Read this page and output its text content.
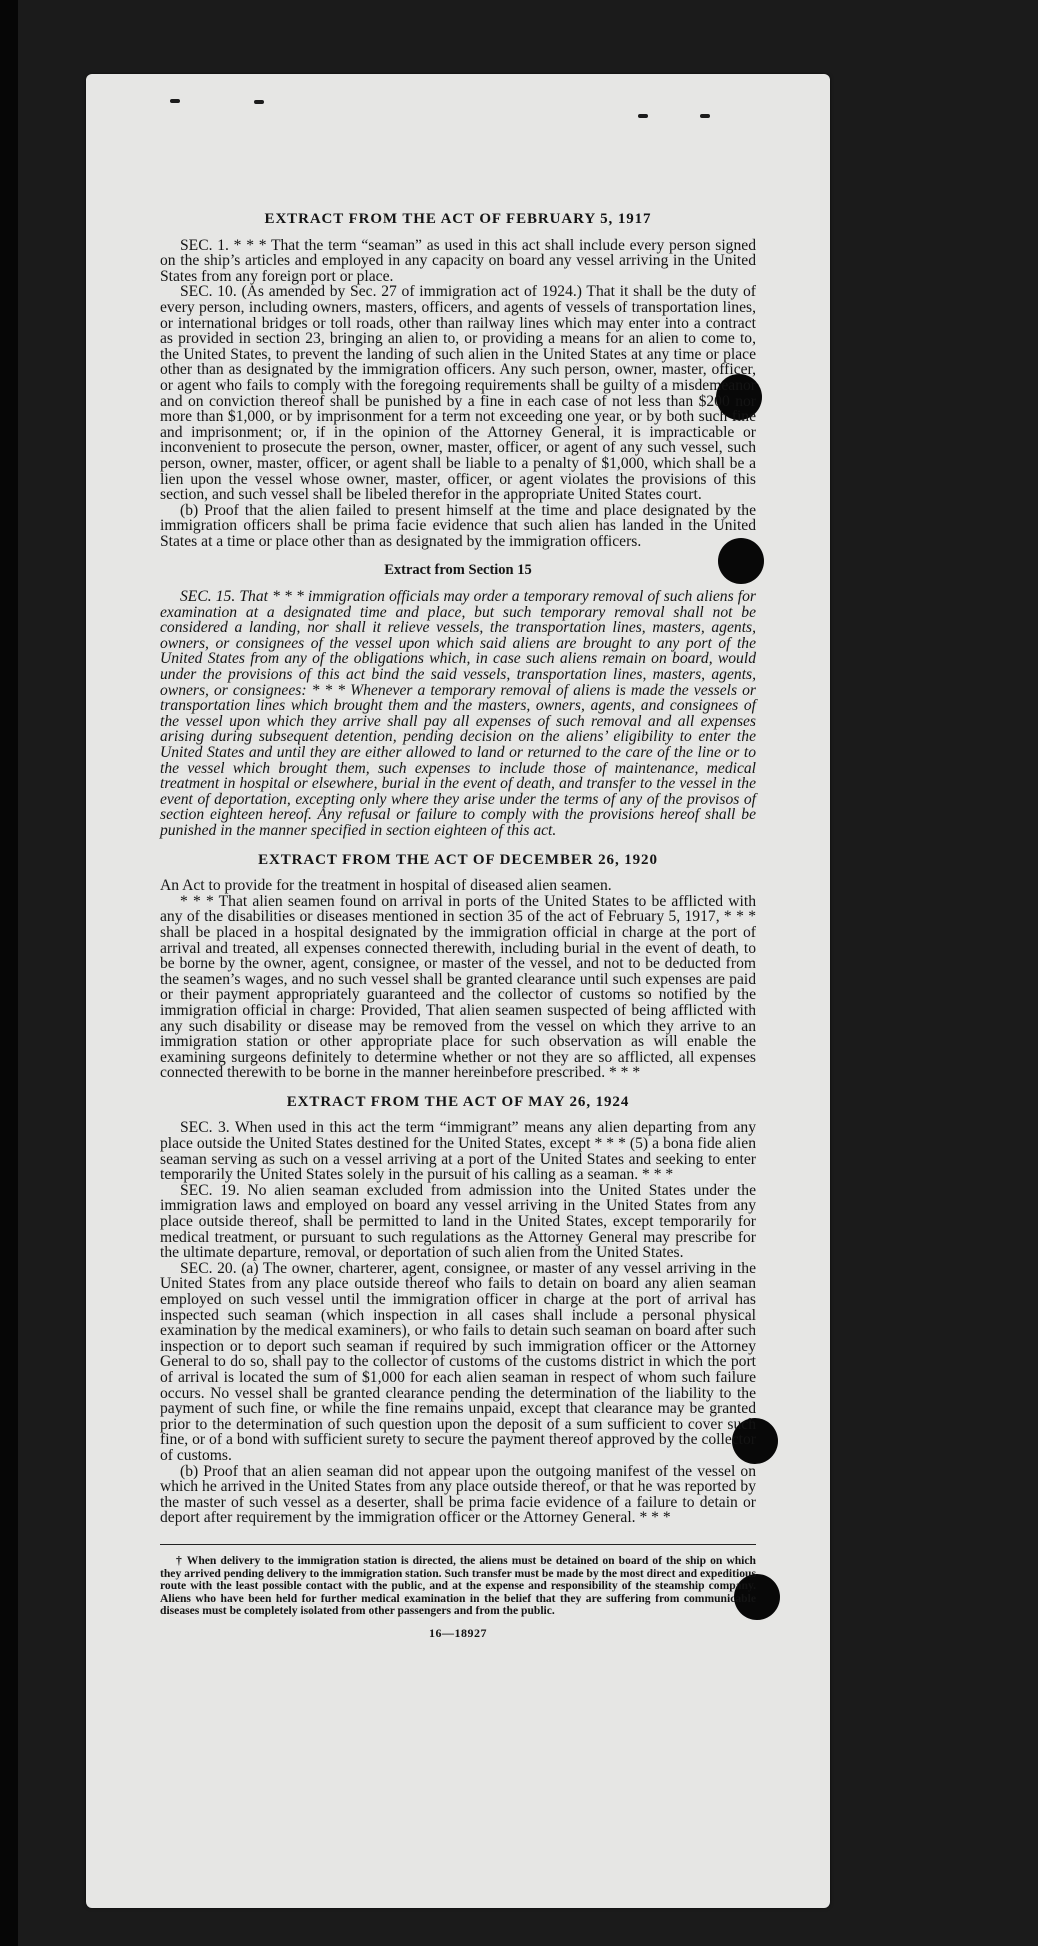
EXTRACT FROM THE ACT OF FEBRUARY 5, 1917

SEC. 1. * * * That the term “seaman” as used in this act shall include every person signed on the ship’s articles and employed in any capacity on board any vessel arriving in the United States from any foreign port or place.

SEC. 10. (As amended by Sec. 27 of immigration act of 1924.) That it shall be the duty of every person, including owners, masters, officers, and agents of vessels of transportation lines, or international bridges or toll roads, other than railway lines which may enter into a contract as provided in section 23, bringing an alien to, or providing a means for an alien to come to, the United States, to prevent the landing of such alien in the United States at any time or place other than as designated by the immigration officers. Any such person, owner, master, officer, or agent who fails to comply with the foregoing requirements shall be guilty of a misdemeanor and on conviction thereof shall be punished by a fine in each case of not less than $200 nor more than $1,000, or by imprisonment for a term not exceeding one year, or by both such fine and imprisonment; or, if in the opinion of the Attorney General, it is impracticable or inconvenient to prosecute the person, owner, master, officer, or agent of any such vessel, such person, owner, master, officer, or agent shall be liable to a penalty of $1,000, which shall be a lien upon the vessel whose owner, master, officer, or agent violates the provisions of this section, and such vessel shall be libeled therefor in the appropriate United States court.

(b) Proof that the alien failed to present himself at the time and place designated by the immigration officers shall be prima facie evidence that such alien has landed in the United States at a time or place other than as designated by the immigration officers.

Extract from Section 15

SEC. 15. That * * * immigration officials may order a temporary removal of such aliens for examination at a designated time and place, but such temporary removal shall not be considered a landing, nor shall it relieve vessels, the transportation lines, masters, agents, owners, or consignees of the vessel upon which said aliens are brought to any port of the United States from any of the obligations which, in case such aliens remain on board, would under the provisions of this act bind the said vessels, transportation lines, masters, agents, owners, or consignees: * * * Whenever a temporary removal of aliens is made the vessels or transportation lines which brought them and the masters, owners, agents, and consignees of the vessel upon which they arrive shall pay all expenses of such removal and all expenses arising during subsequent detention, pending decision on the aliens’ eligibility to enter the United States and until they are either allowed to land or returned to the care of the line or to the vessel which brought them, such expenses to include those of maintenance, medical treatment in hospital or elsewhere, burial in the event of death, and transfer to the vessel in the event of deportation, excepting only where they arise under the terms of any of the provisos of section eighteen hereof. Any refusal or failure to comply with the provisions hereof shall be punished in the manner specified in section eighteen of this act.

EXTRACT FROM THE ACT OF DECEMBER 26, 1920

An Act to provide for the treatment in hospital of diseased alien seamen.

* * * That alien seamen found on arrival in ports of the United States to be afflicted with any of the disabilities or diseases mentioned in section 35 of the act of February 5, 1917, * * * shall be placed in a hospital designated by the immigration official in charge at the port of arrival and treated, all expenses connected therewith, including burial in the event of death, to be borne by the owner, agent, consignee, or master of the vessel, and not to be deducted from the seamen’s wages, and no such vessel shall be granted clearance until such expenses are paid or their payment appropriately guaranteed and the collector of customs so notified by the immigration official in charge: Provided, That alien seamen suspected of being afflicted with any such disability or disease may be removed from the vessel on which they arrive to an immigration station or other appropriate place for such observation as will enable the examining surgeons definitely to determine whether or not they are so afflicted, all expenses connected therewith to be borne in the manner hereinbefore prescribed. * * *

EXTRACT FROM THE ACT OF MAY 26, 1924

SEC. 3. When used in this act the term “immigrant” means any alien departing from any place outside the United States destined for the United States, except * * * (5) a bona fide alien seaman serving as such on a vessel arriving at a port of the United States and seeking to enter temporarily the United States solely in the pursuit of his calling as a seaman. * * *

SEC. 19. No alien seaman excluded from admission into the United States under the immigration laws and employed on board any vessel arriving in the United States from any place outside thereof, shall be permitted to land in the United States, except temporarily for medical treatment, or pursuant to such regulations as the Attorney General may prescribe for the ultimate departure, removal, or deportation of such alien from the United States.

SEC. 20. (a) The owner, charterer, agent, consignee, or master of any vessel arriving in the United States from any place outside thereof who fails to detain on board any alien seaman employed on such vessel until the immigration officer in charge at the port of arrival has inspected such seaman (which inspection in all cases shall include a personal physical examination by the medical examiners), or who fails to detain such seaman on board after such inspection or to deport such seaman if required by such immigration officer or the Attorney General to do so, shall pay to the collector of customs of the customs district in which the port of arrival is located the sum of $1,000 for each alien seaman in respect of whom such failure occurs. No vessel shall be granted clearance pending the determination of the liability to the payment of such fine, or while the fine remains unpaid, except that clearance may be granted prior to the determination of such question upon the deposit of a sum sufficient to cover such fine, or of a bond with sufficient surety to secure the payment thereof approved by the collector of customs.

(b) Proof that an alien seaman did not appear upon the outgoing manifest of the vessel on which he arrived in the United States from any place outside thereof, or that he was reported by the master of such vessel as a deserter, shall be prima facie evidence of a failure to detain or deport after requirement by the immigration officer or the Attorney General. * * *

† When delivery to the immigration station is directed, the aliens must be detained on board of the ship on which they arrived pending delivery to the immigration station. Such transfer must be made by the most direct and expeditious route with the least possible contact with the public, and at the expense and responsibility of the steamship company. Aliens who have been held for further medical examination in the belief that they are suffering from communicable diseases must be completely isolated from other passengers and from the public.

16—18927
